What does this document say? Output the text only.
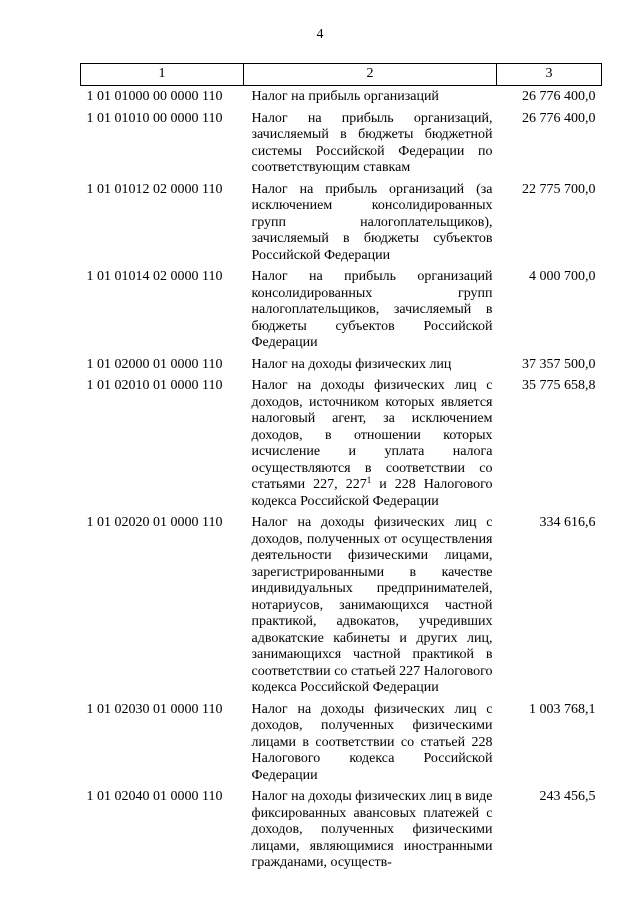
4
1	2	3
1 01 01000 00 0000 110	Налог на прибыль организаций	26 776 400,0
1 01 01010 00 0000 110	Налог на прибыль организаций, зачисляемый в бюджеты бюджетной системы Российской Федерации по соответствующим ставкам	26 776 400,0
1 01 01012 02 0000 110	Налог на прибыль организаций (за исключением консолидированных групп налогоплательщиков), зачисляемый в бюджеты субъектов Российской Федерации	22 775 700,0
1 01 01014 02 0000 110	Налог на прибыль организаций консолидированных групп налогоплательщиков, зачисляемый в бюджеты субъектов Российской Федерации	4 000 700,0
1 01 02000 01 0000 110	Налог на доходы физических лиц	37 357 500,0
1 01 02010 01 0000 110	Налог на доходы физических лиц с доходов, источником которых является налоговый агент, за исключением доходов, в отношении которых исчисление и уплата налога осуществляются в соответствии со статьями 227, $227^1$ и 228 Налогового кодекса Российской Федерации	35 775 658,8
1 01 02020 01 0000 110	Налог на доходы физических лиц с доходов, полученных от осуществления деятельности физическими лицами, зарегистрированными в качестве индивидуальных предпринимателей, нотариусов, занимающихся частной практикой, адвокатов, учредивших адвокатские кабинеты и других лиц, занимающихся частной практикой в соответствии со статьей 227 Налогового кодекса Российской Федерации	334 616,6
1 01 02030 01 0000 110	Налог на доходы физических лиц с доходов, полученных физическими лицами в соответствии со статьей 228 Налогового кодекса Российской Федерации	1 003 768,1
1 01 02040 01 0000 110	Налог на доходы физических лиц в виде фиксированных авансовых платежей с доходов, полученных физическими лицами, являющимися иностранными гражданами, осуществ-	243 456,5
